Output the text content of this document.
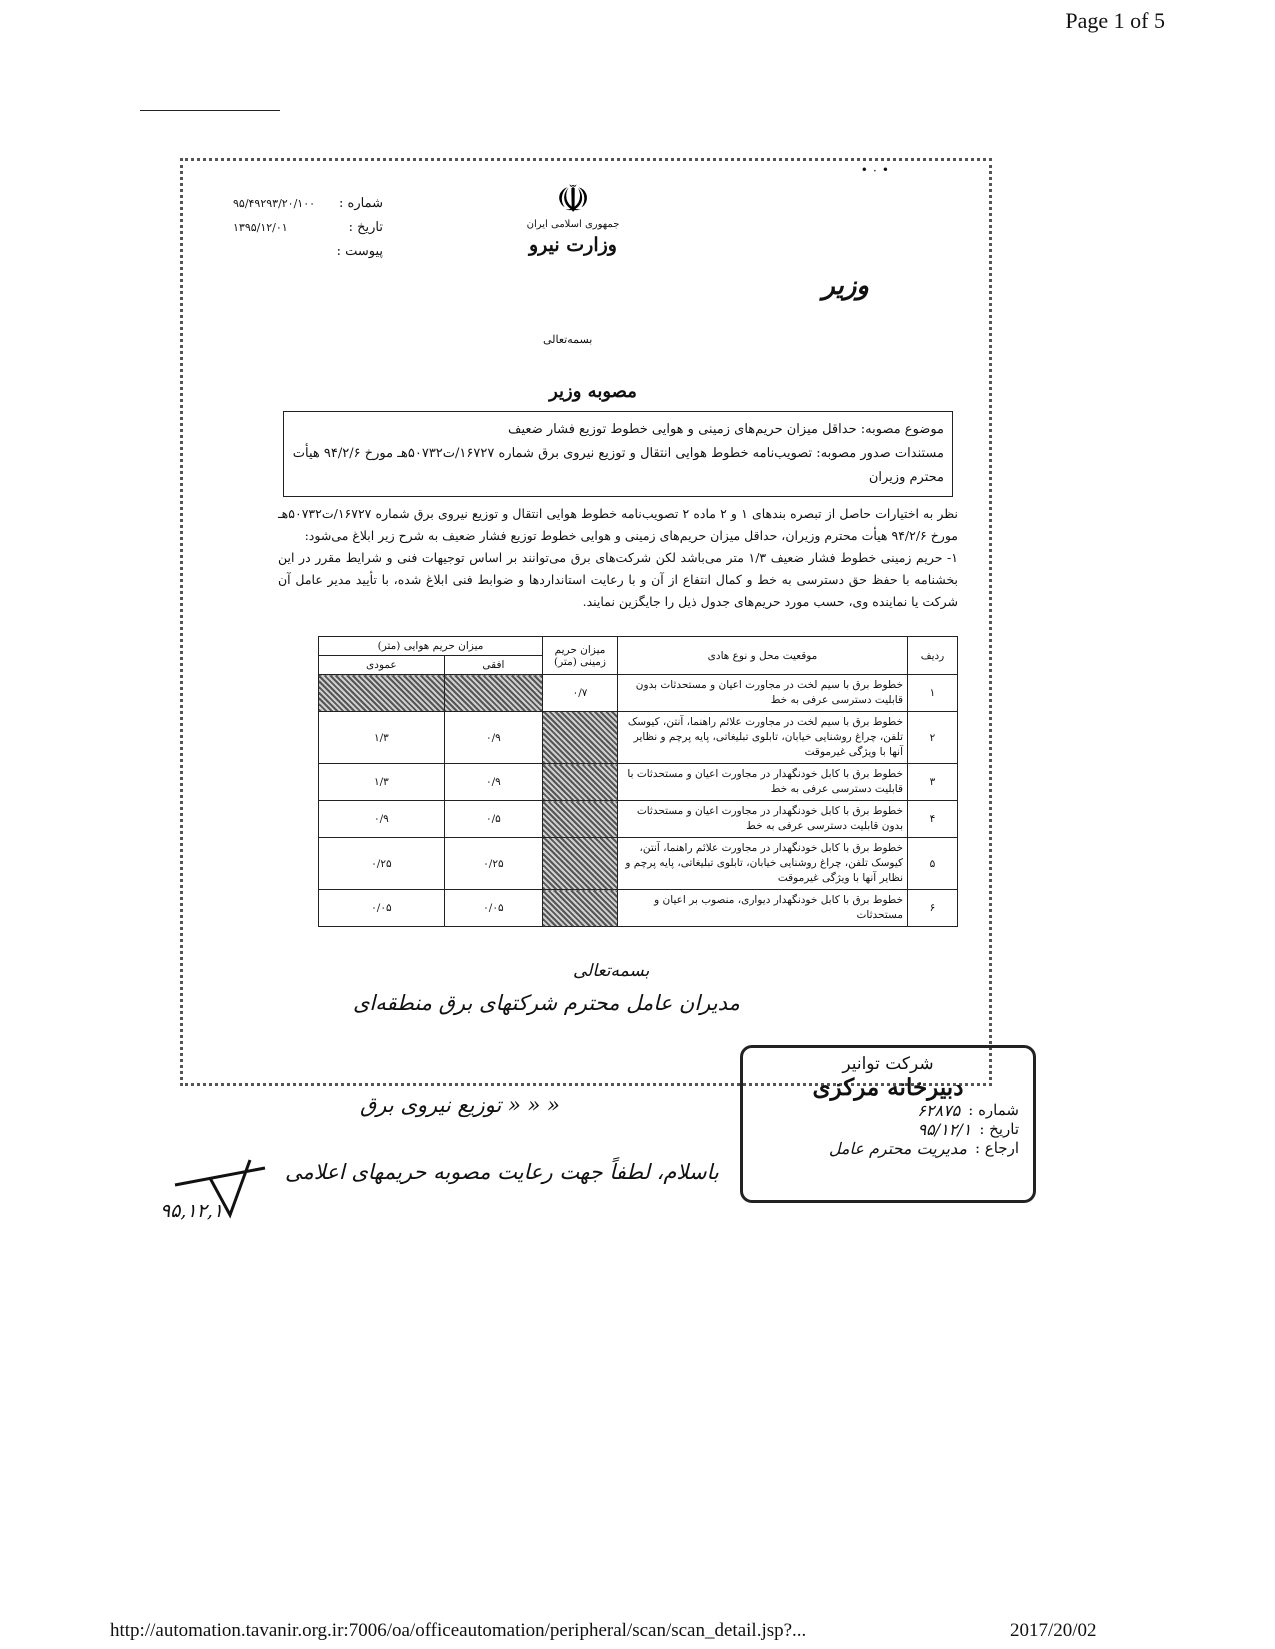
Page 1 of 5
• ۰ •
شماره :
۹۵/۴۹۲۹۳/۲۰/۱۰۰
تاریخ :
۱۳۹۵/۱۲/۰۱
پیوست :
☫
جمهوری اسلامی ایران
وزارت نیرو
وزیر
بسمه‌تعالی
مصوبه وزیر
موضوع مصوبه: حداقل میزان حریم‌های زمینی و هوایی خطوط توزیع فشار ضعیف
مستندات صدور مصوبه: تصویب‌نامه خطوط هوایی انتقال و توزیع نیروی برق شماره ۱۶۷۲۷/ت۵۰۷۳۲هـ مورخ ۹۴/۲/۶ هیأت محترم وزیران

نظر به اختیارات حاصل از تبصره بندهای ۱ و ۲ ماده ۲ تصویب‌نامه خطوط هوایی انتقال و توزیع نیروی برق شماره ۱۶۷۲۷/ت۵۰۷۳۲هـ مورخ ۹۴/۲/۶ هیأت محترم وزیران، حداقل میزان حریم‌های زمینی و هوایی خطوط توزیع فشار ضعیف به شرح زیر ابلاغ می‌شود:

۱- حریم زمینی خطوط فشار ضعیف ۱/۳ متر می‌باشد لکن شرکت‌های برق می‌توانند بر اساس توجیهات فنی و شرایط مقرر در این بخشنامه با حفظ حق دسترسی به خط و کمال انتفاع از آن و با رعایت استانداردها و ضوابط فنی ابلاغ شده، با تأیید مدیر عامل آن شرکت یا نماینده وی، حسب مورد حریم‌های جدول ذیل را جایگزین نمایند.

ردیف	موقعیت محل و نوع هادی	میزان حریم زمینی (متر)	میزان حریم هوایی (متر)	
			افقی	عمودی
۱	خطوط برق با سیم لخت در مجاورت اعیان و مستحدثات بدون قابلیت دسترسی عرفی به خط	۰/۷		
۲	خطوط برق با سیم لخت در مجاورت علائم راهنما، آنتن، کیوسک تلفن، چراغ روشنایی خیابان، تابلوی تبلیغاتی، پایه پرچم و نظایر آنها با ویژگی غیرموقت		۰/۹	۱/۳
۳	خطوط برق با کابل خودنگهدار در مجاورت اعیان و مستحدثات با قابلیت دسترسی عرفی به خط		۰/۹	۱/۳
۴	خطوط برق با کابل خودنگهدار در مجاورت اعیان و مستحدثات بدون قابلیت دسترسی عرفی به خط		۰/۵	۰/۹
۵	خطوط برق با کابل خودنگهدار در مجاورت علائم راهنما، آنتن، کیوسک تلفن، چراغ روشنایی خیابان، تابلوی تبلیغاتی، پایه پرچم و نظایر آنها با ویژگی غیرموقت		۰/۲۵	۰/۲۵
۶	خطوط برق با کابل خودنگهدار دیواری، منصوب بر اعیان و مستحدثات		۰/۰۵	۰/۰۵
بسمه‌تعالی
مدیران عامل محترم شرکتهای برق منطقه‌ای
« « « توزیع نیروی برق
باسلام، لطفاً جهت رعایت مصوبه حریمهای اعلامی
شرکت توانیر
دبیرخانه مرکزی
شماره :
۶۲۸۷۵
تاریخ :
۹۵/۱۲/۱
ارجاع :
مدیریت محترم عامل
۹۵,۱۲,۱
http://automation.tavanir.org.ir:7006/oa/officeautomation/peripheral/scan/scan_detail.jsp?...	2017/20/02
